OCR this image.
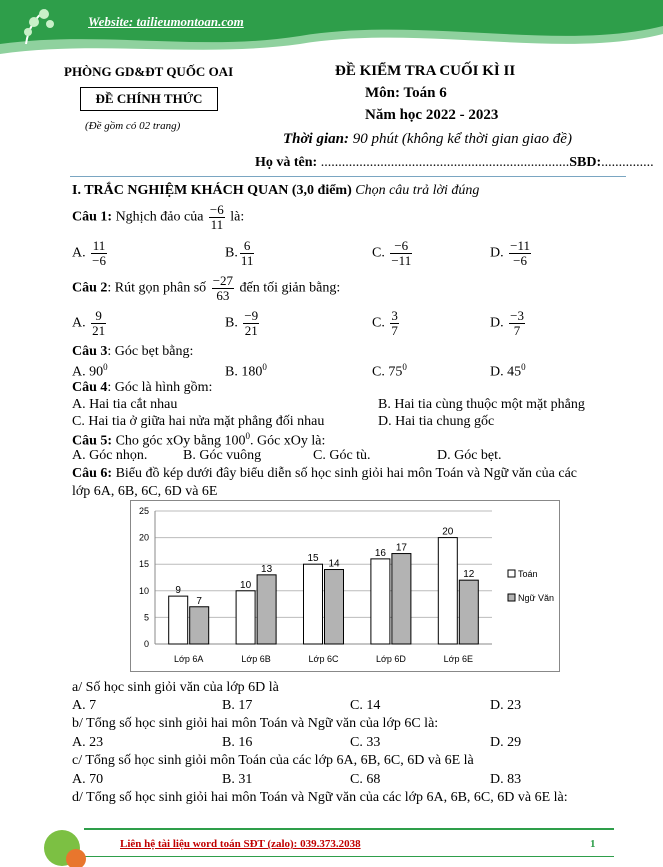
Website: tailieumontoan.com
PHÒNG GD&ĐT QUỐC OAI
ĐỀ CHÍNH THỨC
(Đề gồm có 02 trang)
ĐỀ KIỂM TRA CUỐI KÌ II
Môn: Toán 6
Năm học 2022 - 2023
Thời gian: 90 phút (không kể thời gian giao đề)
Họ và tên: .......................................................................SBD:...............
I. TRẮC NGHIỆM KHÁCH QUAN (3,0 điểm) Chọn câu trả lời đúng
Câu 1: Nghịch đảo của $\frac{-6}{11}$ là:
A. $\frac{11}{-6}$	B. $\frac{6}{11}$	C. $\frac{-6}{-11}$	D. $\frac{-11}{-6}$
Câu 2: Rút gọn phân số $\frac{-27}{63}$ đến tối giản bằng:
A. $\frac{9}{21}$	B. $\frac{-9}{21}$	C. $\frac{3}{7}$	D. $\frac{-3}{7}$
Câu 3: Góc bẹt bằng:
A. $90^0$	B. $180^0$	C. $75^0$	D. $45^0$
Câu 4: Góc là hình gồm:
A. Hai tia cắt nhau	B. Hai tia cùng thuộc một mặt phẳng
C. Hai tia ở giữa hai nửa mặt phẳng đối nhau	D. Hai tia chung gốc
Câu 5: Cho góc xOy bằng $100^0$. Góc xOy là:
A. Góc nhọn.	B. Góc vuông	C. Góc tù.	D. Góc bẹt.
Câu 6: Biểu đồ kép dưới đây biểu diễn số học sinh giỏi hai môn Toán và Ngữ văn của các
lớp 6A, 6B, 6C, 6D và 6E
0
5
10
15
20
25
9
7
Lớp 6A
10
13
Lớp 6B
15 14
Lớp 6C
16 17
Lớp 6D
20
12
Lớp 6E
Toán
Ngữ Văn
a/ Số học sinh giỏi văn của lớp 6D là
A. 7	B. 17	C. 14	D. 23
b/ Tổng số học sinh giỏi hai môn Toán và Ngữ văn của lớp 6C là:
A. 23	B. 16	C. 33	D. 29
c/ Tổng số học sinh giỏi môn Toán của các lớp 6A, 6B, 6C, 6D và 6E là
A. 70	B. 31	C. 68	D. 83
d/ Tổng số học sinh giỏi hai môn Toán và Ngữ văn của các lớp 6A, 6B, 6C, 6D và 6E là:
Liên hệ tài liệu word toán SĐT (zalo): 039.373.2038	1
